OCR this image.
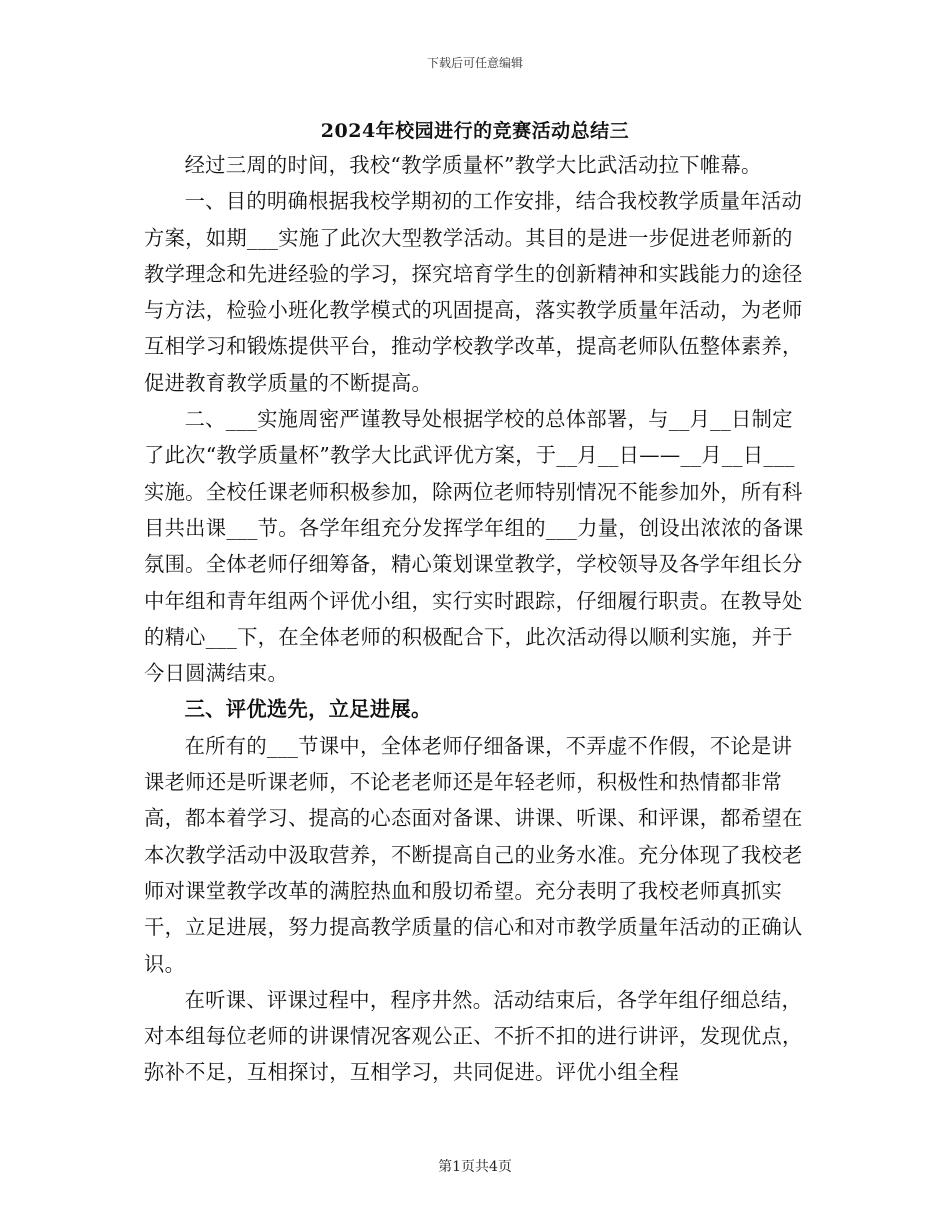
下载后可任意编辑
2024年校园进行的竞赛活动总结三

经过三周的时间，我校“教学质量杯”教学大比武活动拉下帷幕。

一、目的明确根据我校学期初的工作安排，结合我校教学质量年活动方案，如期___实施了此次大型教学活动。其目的是进一步促进老师新的教学理念和先进经验的学习，探究培育学生的创新精神和实践能力的途径与方法，检验小班化教学模式的巩固提高，落实教学质量年活动，为老师互相学习和锻炼提供平台，推动学校教学改革，提高老师队伍整体素养，促进教育教学质量的不断提高。

二、___实施周密严谨教导处根据学校的总体部署，与__月__日制定了此次“教学质量杯”教学大比武评优方案，于__月__日——__月__日___实施。全校任课老师积极参加，除两位老师特别情况不能参加外，所有科目共出课___节。各学年组充分发挥学年组的___力量，创设出浓浓的备课氛围。全体老师仔细筹备，精心策划课堂教学，学校领导及各学年组长分中年组和青年组两个评优小组，实行实时跟踪，仔细履行职责。在教导处的精心___下，在全体老师的积极配合下，此次活动得以顺利实施，并于今日圆满结束。

三、评优选先，立足进展。

在所有的___节课中，全体老师仔细备课，不弄虚不作假，不论是讲课老师还是听课老师，不论老老师还是年轻老师，积极性和热情都非常高，都本着学习、提高的心态面对备课、讲课、听课、和评课，都希望在本次教学活动中汲取营养，不断提高自己的业务水准。充分体现了我校老师对课堂教学改革的满腔热血和殷切希望。充分表明了我校老师真抓实干，立足进展，努力提高教学质量的信心和对市教学质量年活动的正确认识。

在听课、评课过程中，程序井然。活动结束后，各学年组仔细总结，对本组每位老师的讲课情况客观公正、不折不扣的进行讲评，发现优点，弥补不足，互相探讨，互相学习，共同促进。评优小组全程

第1页共4页
